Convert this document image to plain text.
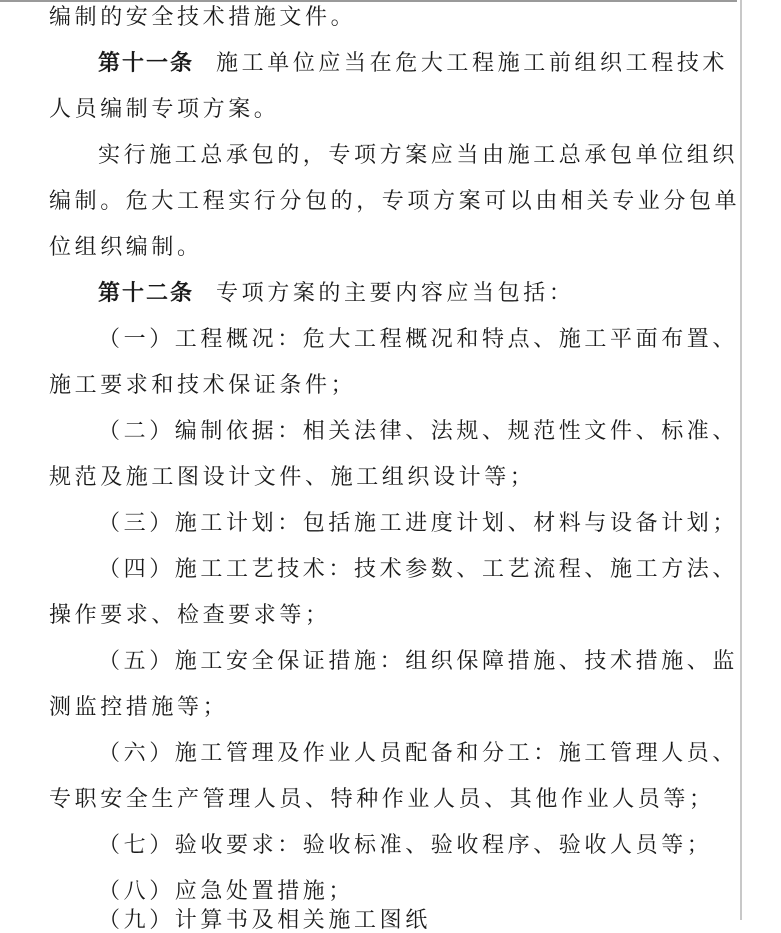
编制的安全技术措施文件。
第十一条 施工单位应当在危大工程施工前组织工程技术
人员编制专项方案。
实行施工总承包的，专项方案应当由施工总承包单位组织
编制。危大工程实行分包的，专项方案可以由相关专业分包单
位组织编制。
第十二条 专项方案的主要内容应当包括：
（一）工程概况：危大工程概况和特点、施工平面布置、
施工要求和技术保证条件；
（二）编制依据：相关法律、法规、规范性文件、标准、
规范及施工图设计文件、施工组织设计等；
（三）施工计划：包括施工进度计划、材料与设备计划；
（四）施工工艺技术：技术参数、工艺流程、施工方法、
操作要求、检查要求等；
（五）施工安全保证措施：组织保障措施、技术措施、监
测监控措施等；
（六）施工管理及作业人员配备和分工：施工管理人员、
专职安全生产管理人员、特种作业人员、其他作业人员等；
（七）验收要求：验收标准、验收程序、验收人员等；
（八）应急处置措施；
（九）计算书及相关施工图纸
